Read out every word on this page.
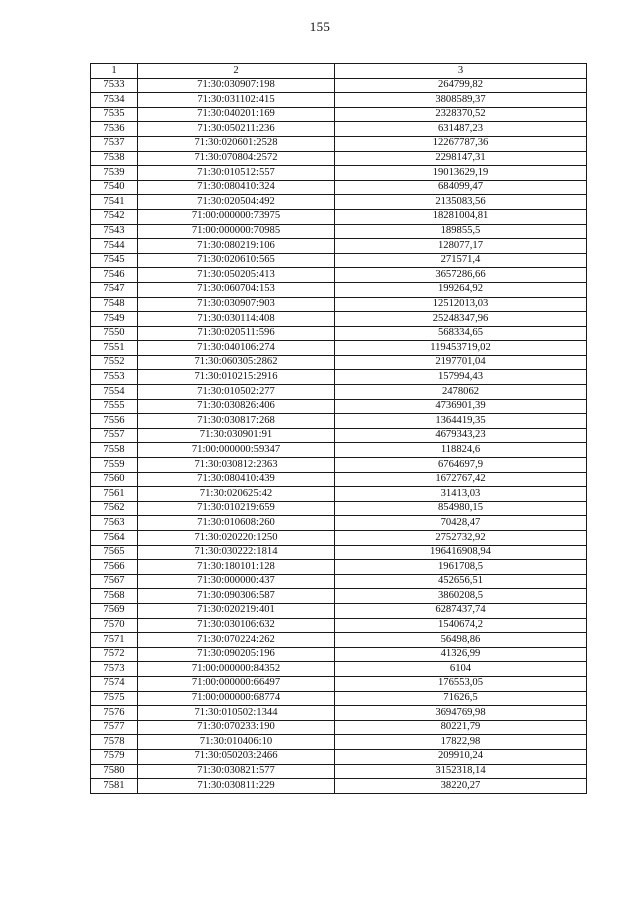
155
1	2	3
7533	71:30:030907:198	264799,82
7534	71:30:031102:415	3808589,37
7535	71:30:040201:169	2328370,52
7536	71:30:050211:236	631487,23
7537	71:30:020601:2528	12267787,36
7538	71:30:070804:2572	2298147,31
7539	71:30:010512:557	19013629,19
7540	71:30:080410:324	684099,47
7541	71:30:020504:492	2135083,56
7542	71:00:000000:73975	18281004,81
7543	71:00:000000:70985	189855,5
7544	71:30:080219:106	128077,17
7545	71:30:020610:565	271571,4
7546	71:30:050205:413	3657286,66
7547	71:30:060704:153	199264,92
7548	71:30:030907:903	12512013,03
7549	71:30:030114:408	25248347,96
7550	71:30:020511:596	568334,65
7551	71:30:040106:274	119453719,02
7552	71:30:060305:2862	2197701,04
7553	71:30:010215:2916	157994,43
7554	71:30:010502:277	2478062
7555	71:30:030826:406	4736901,39
7556	71:30:030817:268	1364419,35
7557	71:30:030901:91	4679343,23
7558	71:00:000000:59347	118824,6
7559	71:30:030812:2363	6764697,9
7560	71:30:080410:439	1672767,42
7561	71:30:020625:42	31413,03
7562	71:30:010219:659	854980,15
7563	71:30:010608:260	70428,47
7564	71:30:020220:1250	2752732,92
7565	71:30:030222:1814	196416908,94
7566	71:30:180101:128	1961708,5
7567	71:30:000000:437	452656,51
7568	71:30:090306:587	3860208,5
7569	71:30:020219:401	6287437,74
7570	71:30:030106:632	1540674,2
7571	71:30:070224:262	56498,86
7572	71:30:090205:196	41326,99
7573	71:00:000000:84352	6104
7574	71:00:000000:66497	176553,05
7575	71:00:000000:68774	71626,5
7576	71:30:010502:1344	3694769,98
7577	71:30:070233:190	80221,79
7578	71:30:010406:10	17822,98
7579	71:30:050203:2466	209910,24
7580	71:30:030821:577	3152318,14
7581	71:30:030811:229	38220,27
